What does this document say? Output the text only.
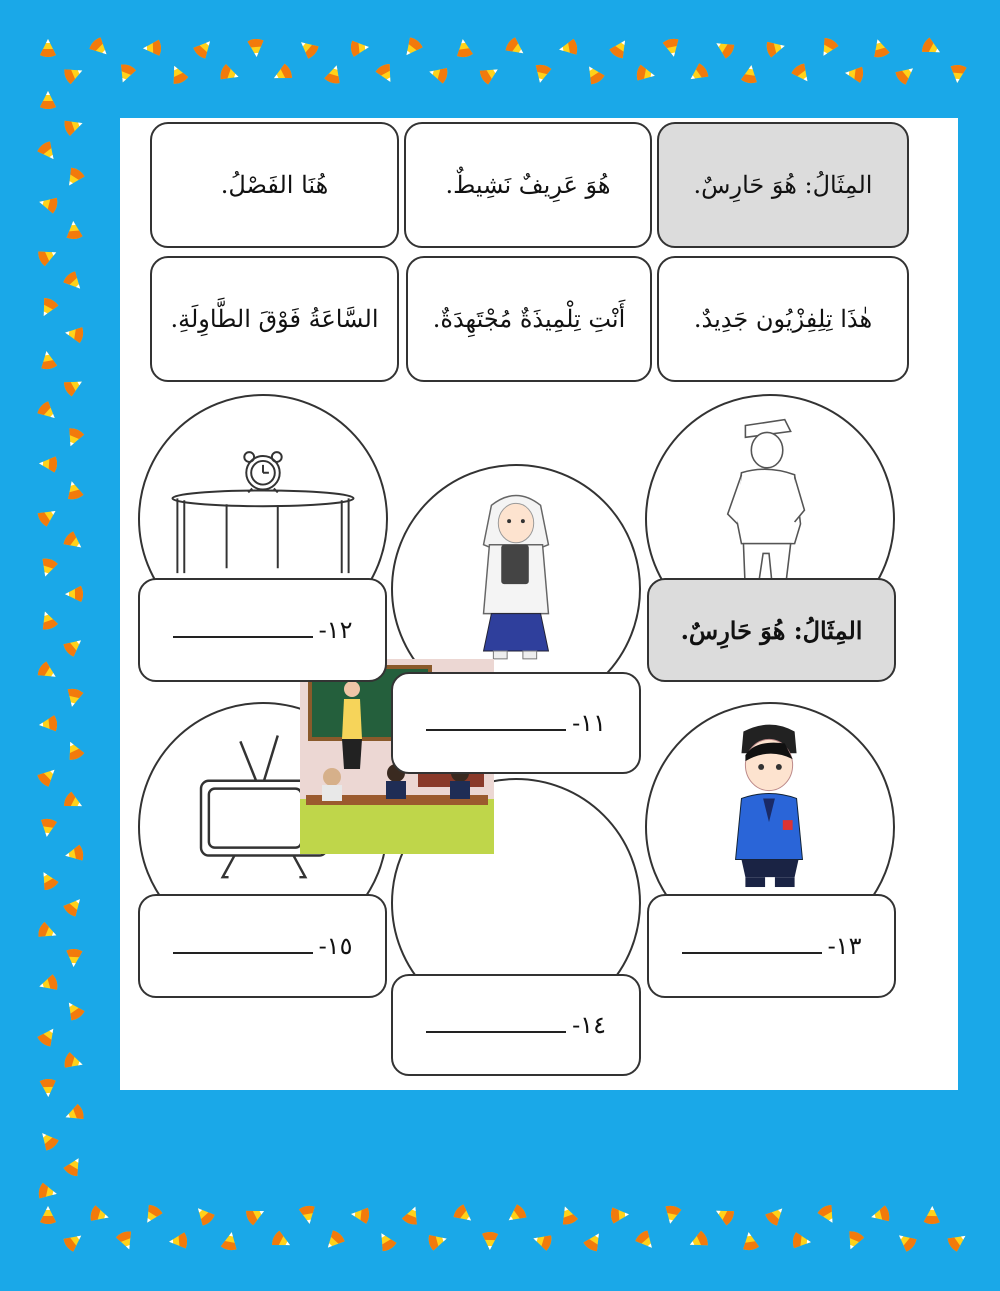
المِثَالُ: هُوَ حَارِسٌ.
هُوَ عَرِيفٌ نَشِيطٌ.
هُنَا الفَصْلُ.
هٰذَا تِلِفِزْيُون جَدِيدٌ.
أَنْتِ تِلْمِيذَةٌ مُجْتَهِدَةٌ.
السَّاعَةُ فَوْقَ الطَّاوِلَةِ.
١٢-	المِثَالُ: هُوَ حَارِسٌ.
١١-
١٥-	١٣-
١٤-
